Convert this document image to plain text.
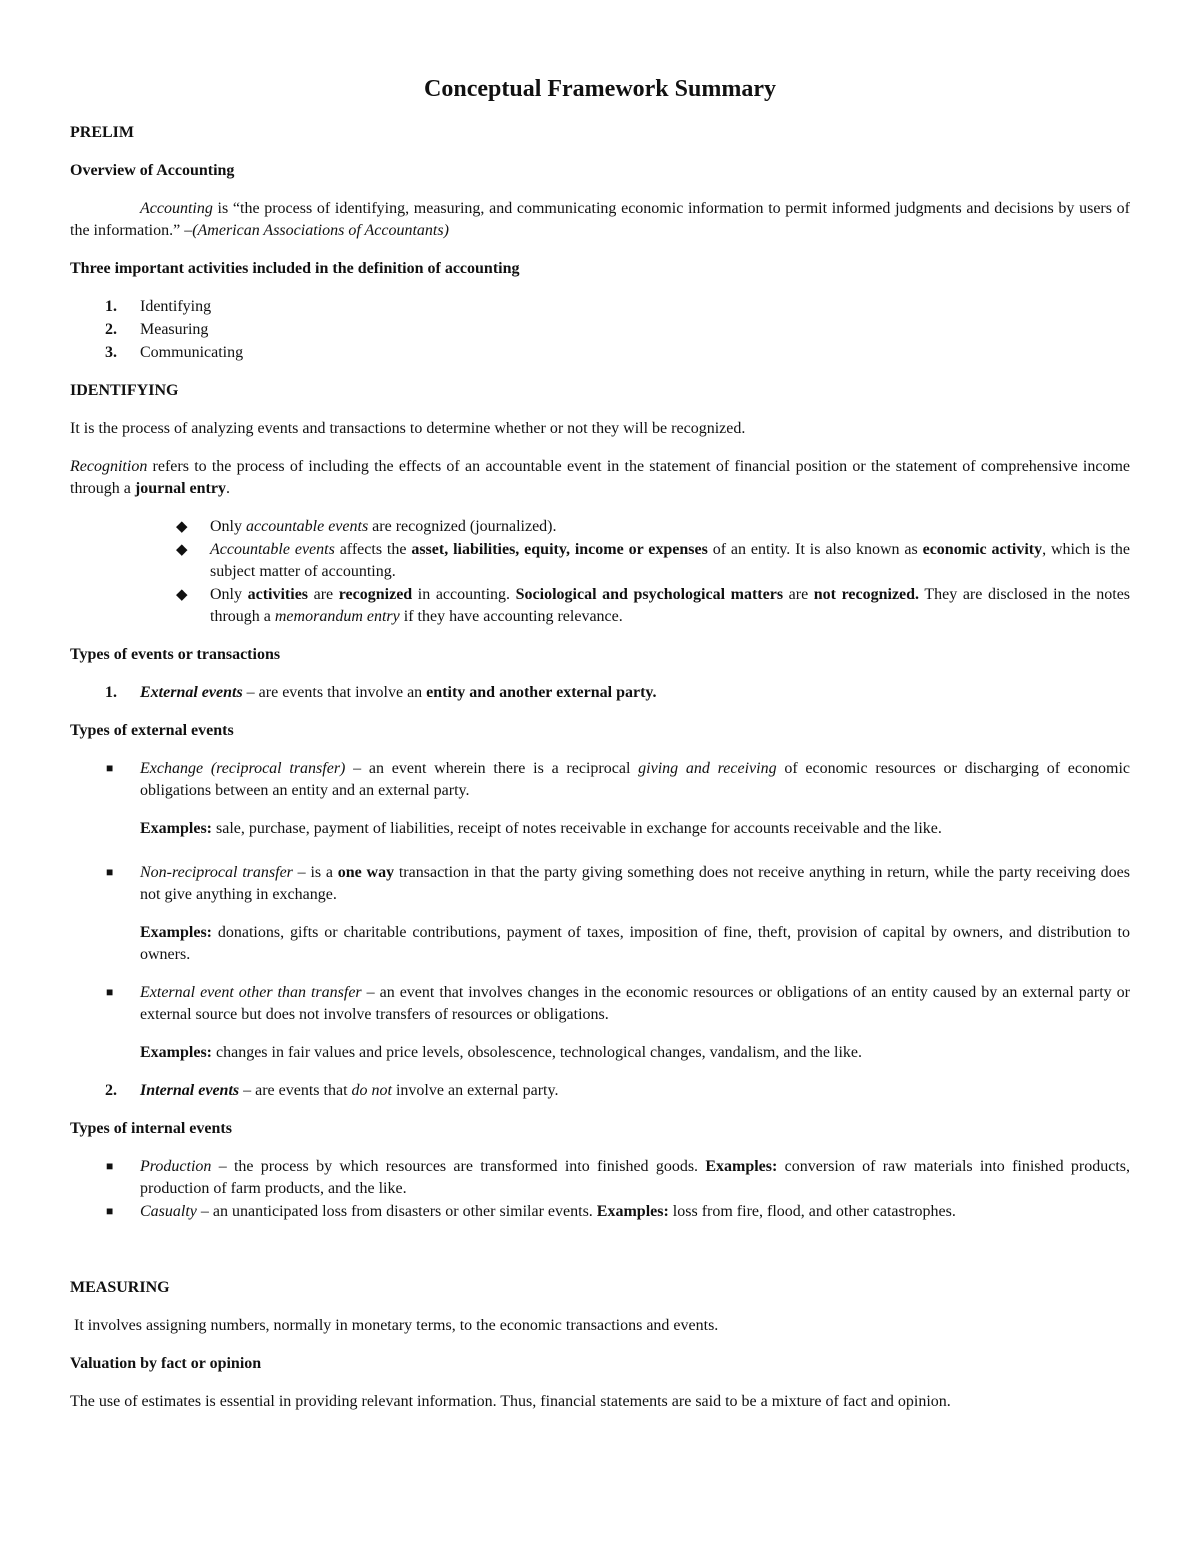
Conceptual Framework Summary
PRELIM
Overview of Accounting

Accounting is “the process of identifying, measuring, and communicating economic information to permit informed judgments and decisions by users of the information.” –(American Associations of Accountants)

Three important activities included in the definition of accounting
1. Identifying
2. Measuring
3. Communicating
IDENTIFYING

It is the process of analyzing events and transactions to determine whether or not they will be recognized.

Recognition refers to the process of including the effects of an accountable event in the statement of financial position or the statement of comprehensive income through a journal entry.

◆ Only accountable events are recognized (journalized).
◆ Accountable events affects the asset, liabilities, equity, income or expenses of an entity. It is also known as economic activity, which is the subject matter of accounting.
◆ Only activities are recognized in accounting. Sociological and psychological matters are not recognized. They are disclosed in the notes through a memorandum entry if they have accounting relevance.
Types of events or transactions
1. External events – are events that involve an entity and another external party.
Types of external events
■ Exchange (reciprocal transfer) – an event wherein there is a reciprocal giving and receiving of economic resources or discharging of economic obligations between an entity and an external party.
Examples: sale, purchase, payment of liabilities, receipt of notes receivable in exchange for accounts receivable and the like.
■ Non-reciprocal transfer – is a one way transaction in that the party giving something does not receive anything in return, while the party receiving does not give anything in exchange.
Examples: donations, gifts or charitable contributions, payment of taxes, imposition of fine, theft, provision of capital by owners, and distribution to owners.
■ External event other than transfer – an event that involves changes in the economic resources or obligations of an entity caused by an external party or external source but does not involve transfers of resources or obligations.
Examples: changes in fair values and price levels, obsolescence, technological changes, vandalism, and the like.
2. Internal events – are events that do not involve an external party.
Types of internal events
■ Production – the process by which resources are transformed into finished goods. Examples: conversion of raw materials into finished products, production of farm products, and the like.
■ Casualty – an unanticipated loss from disasters or other similar events. Examples: loss from fire, flood, and other catastrophes.
MEASURING

It involves assigning numbers, normally in monetary terms, to the economic transactions and events.

Valuation by fact or opinion

The use of estimates is essential in providing relevant information. Thus, financial statements are said to be a mixture of fact and opinion.
